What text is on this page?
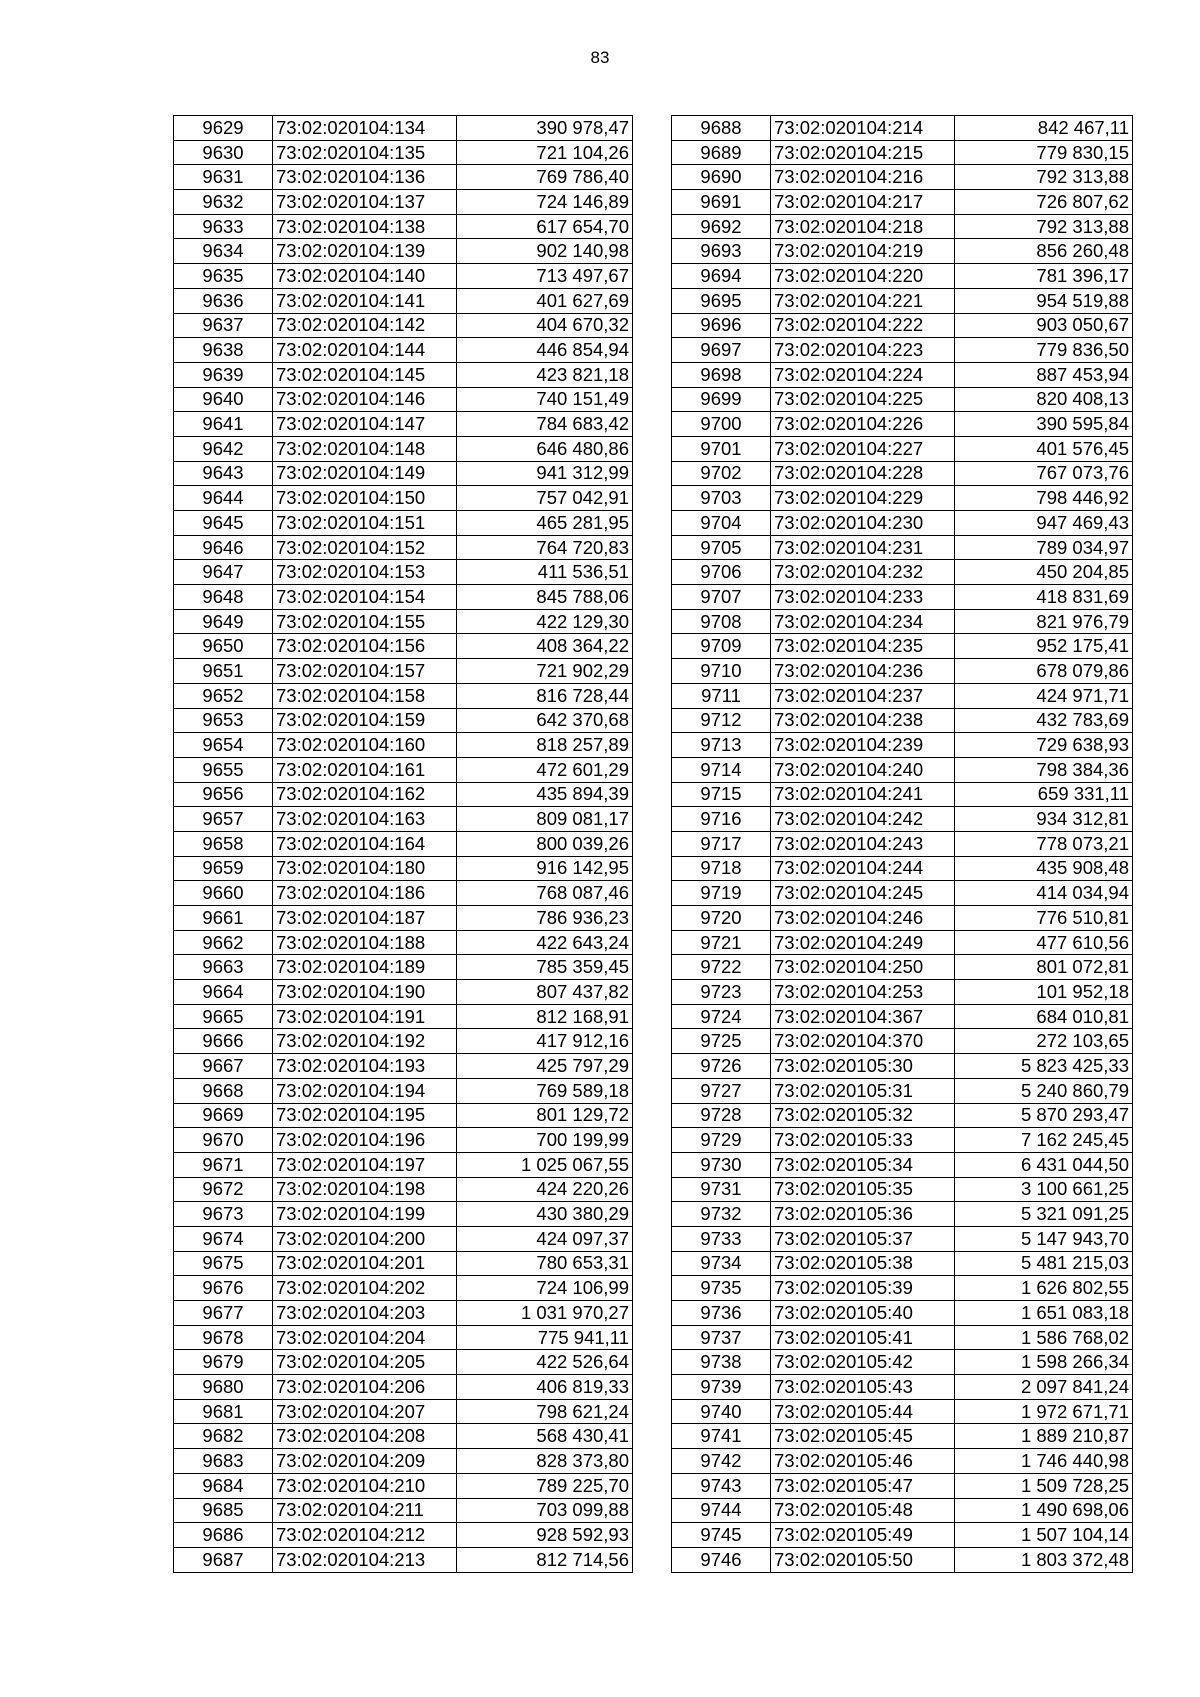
83
9629	73:02:020104:134	390 978,47
9630	73:02:020104:135	721 104,26
9631	73:02:020104:136	769 786,40
9632	73:02:020104:137	724 146,89
9633	73:02:020104:138	617 654,70
9634	73:02:020104:139	902 140,98
9635	73:02:020104:140	713 497,67
9636	73:02:020104:141	401 627,69
9637	73:02:020104:142	404 670,32
9638	73:02:020104:144	446 854,94
9639	73:02:020104:145	423 821,18
9640	73:02:020104:146	740 151,49
9641	73:02:020104:147	784 683,42
9642	73:02:020104:148	646 480,86
9643	73:02:020104:149	941 312,99
9644	73:02:020104:150	757 042,91
9645	73:02:020104:151	465 281,95
9646	73:02:020104:152	764 720,83
9647	73:02:020104:153	411 536,51
9648	73:02:020104:154	845 788,06
9649	73:02:020104:155	422 129,30
9650	73:02:020104:156	408 364,22
9651	73:02:020104:157	721 902,29
9652	73:02:020104:158	816 728,44
9653	73:02:020104:159	642 370,68
9654	73:02:020104:160	818 257,89
9655	73:02:020104:161	472 601,29
9656	73:02:020104:162	435 894,39
9657	73:02:020104:163	809 081,17
9658	73:02:020104:164	800 039,26
9659	73:02:020104:180	916 142,95
9660	73:02:020104:186	768 087,46
9661	73:02:020104:187	786 936,23
9662	73:02:020104:188	422 643,24
9663	73:02:020104:189	785 359,45
9664	73:02:020104:190	807 437,82
9665	73:02:020104:191	812 168,91
9666	73:02:020104:192	417 912,16
9667	73:02:020104:193	425 797,29
9668	73:02:020104:194	769 589,18
9669	73:02:020104:195	801 129,72
9670	73:02:020104:196	700 199,99
9671	73:02:020104:197	1 025 067,55
9672	73:02:020104:198	424 220,26
9673	73:02:020104:199	430 380,29
9674	73:02:020104:200	424 097,37
9675	73:02:020104:201	780 653,31
9676	73:02:020104:202	724 106,99
9677	73:02:020104:203	1 031 970,27
9678	73:02:020104:204	775 941,11
9679	73:02:020104:205	422 526,64
9680	73:02:020104:206	406 819,33
9681	73:02:020104:207	798 621,24
9682	73:02:020104:208	568 430,41
9683	73:02:020104:209	828 373,80
9684	73:02:020104:210	789 225,70
9685	73:02:020104:211	703 099,88
9686	73:02:020104:212	928 592,93
9687	73:02:020104:213	812 714,56
9688	73:02:020104:214	842 467,11
9689	73:02:020104:215	779 830,15
9690	73:02:020104:216	792 313,88
9691	73:02:020104:217	726 807,62
9692	73:02:020104:218	792 313,88
9693	73:02:020104:219	856 260,48
9694	73:02:020104:220	781 396,17
9695	73:02:020104:221	954 519,88
9696	73:02:020104:222	903 050,67
9697	73:02:020104:223	779 836,50
9698	73:02:020104:224	887 453,94
9699	73:02:020104:225	820 408,13
9700	73:02:020104:226	390 595,84
9701	73:02:020104:227	401 576,45
9702	73:02:020104:228	767 073,76
9703	73:02:020104:229	798 446,92
9704	73:02:020104:230	947 469,43
9705	73:02:020104:231	789 034,97
9706	73:02:020104:232	450 204,85
9707	73:02:020104:233	418 831,69
9708	73:02:020104:234	821 976,79
9709	73:02:020104:235	952 175,41
9710	73:02:020104:236	678 079,86
9711	73:02:020104:237	424 971,71
9712	73:02:020104:238	432 783,69
9713	73:02:020104:239	729 638,93
9714	73:02:020104:240	798 384,36
9715	73:02:020104:241	659 331,11
9716	73:02:020104:242	934 312,81
9717	73:02:020104:243	778 073,21
9718	73:02:020104:244	435 908,48
9719	73:02:020104:245	414 034,94
9720	73:02:020104:246	776 510,81
9721	73:02:020104:249	477 610,56
9722	73:02:020104:250	801 072,81
9723	73:02:020104:253	101 952,18
9724	73:02:020104:367	684 010,81
9725	73:02:020104:370	272 103,65
9726	73:02:020105:30	5 823 425,33
9727	73:02:020105:31	5 240 860,79
9728	73:02:020105:32	5 870 293,47
9729	73:02:020105:33	7 162 245,45
9730	73:02:020105:34	6 431 044,50
9731	73:02:020105:35	3 100 661,25
9732	73:02:020105:36	5 321 091,25
9733	73:02:020105:37	5 147 943,70
9734	73:02:020105:38	5 481 215,03
9735	73:02:020105:39	1 626 802,55
9736	73:02:020105:40	1 651 083,18
9737	73:02:020105:41	1 586 768,02
9738	73:02:020105:42	1 598 266,34
9739	73:02:020105:43	2 097 841,24
9740	73:02:020105:44	1 972 671,71
9741	73:02:020105:45	1 889 210,87
9742	73:02:020105:46	1 746 440,98
9743	73:02:020105:47	1 509 728,25
9744	73:02:020105:48	1 490 698,06
9745	73:02:020105:49	1 507 104,14
9746	73:02:020105:50	1 803 372,48
